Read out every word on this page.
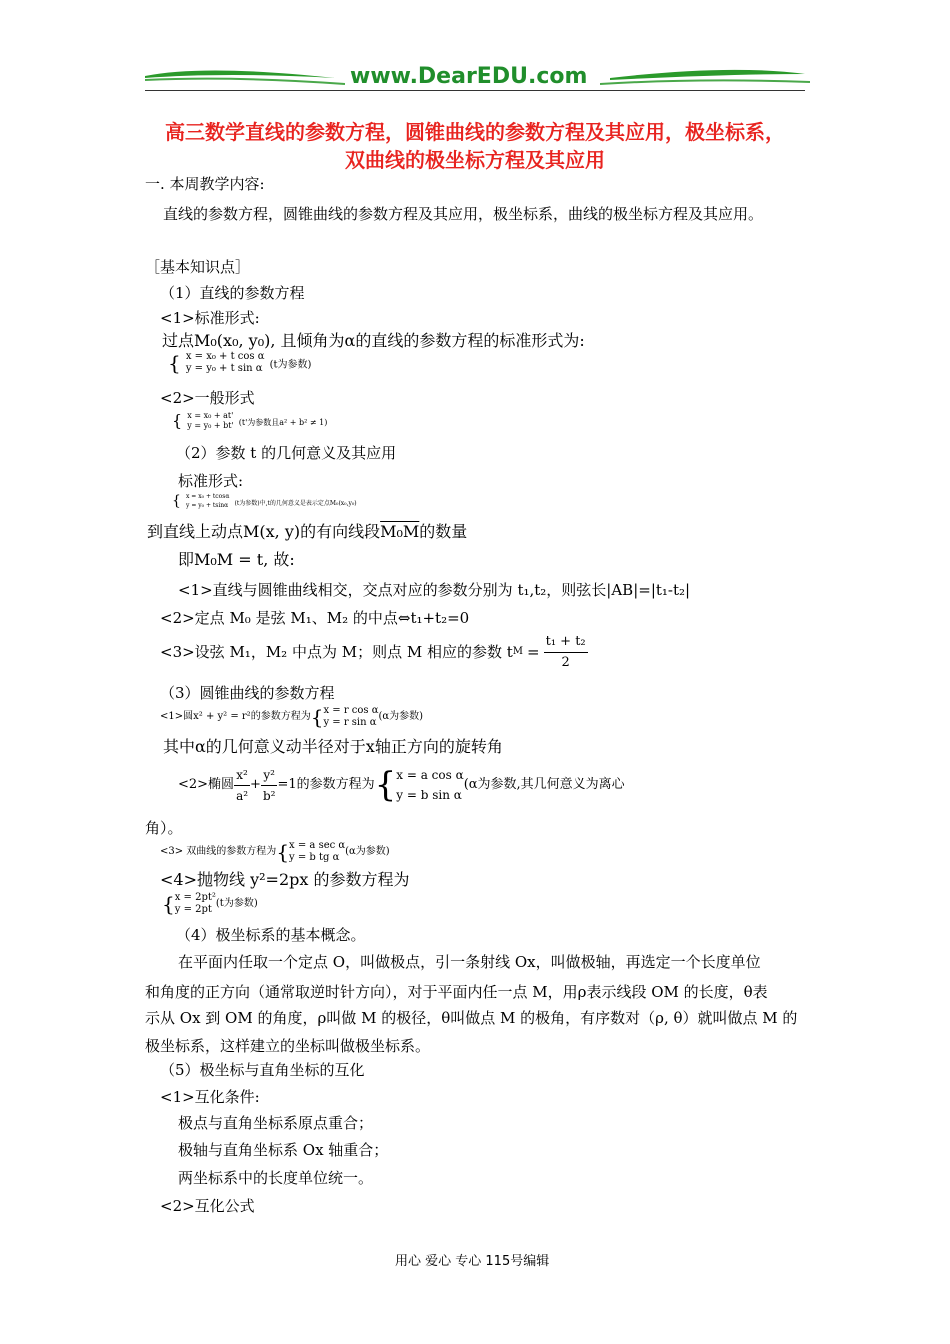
www.DearEDU.com
高三数学直线的参数方程，圆锥曲线的参数方程及其应用，极坐标系，
双曲线的极坐标方程及其应用
一. 本周教学内容:
直线的参数方程，圆锥曲线的参数方程及其应用，极坐标系，曲线的极坐标方程及其应用。
［基本知识点］
（1）直线的参数方程
<1>标准形式:
过点M₀(x₀, y₀), 且倾角为α的直线的参数方程的标准形式为:
{ x = x₀ + t cos α
y = y₀ + t sin α (t为参数)
<2>一般形式
{ x = x₀ + at'
y = y₀ + bt' (t'为参数且a² + b² ≠ 1)
（2）参数 t 的几何意义及其应用
标准形式:
{ x = x₀ + tcosα
y = y₀ + tsinα (t为参数)中,t的几何意义是表示定点M₀(x₀,y₀)
到直线上动点M(x, y)的有向线段M₀M的数量
即M₀M = t, 故:
<1>直线与圆锥曲线相交，交点对应的参数分别为 t₁,t₂，则弦长|AB|=|t₁-t₂|
<2>定点 M₀ 是弦 M₁、M₂ 的中点⇔t₁+t₂=0
<3>设弦 M₁，M₂ 中点为 M；则点 M 相应的参数 t $M = \frac{\text{t₁ + t₂}}{2}$
（3）圆锥曲线的参数方程
<1>圆x² + y² = r²的参数方程为 { x = r cos α
y = r sin α
(α为参数)
其中α的几何意义动半径对于x轴正方向的旋转角
<2>椭圆 $\frac{\text{x²}}{\text{a²}} + \frac{\text{y²}}{\text{b²}} =1$的参数方程为 { x = a cos α
y = b sin α
(α为参数,其几何意义为离心
角）。
<3> 双曲线的参数方程为 { x = a sec α
y = b tg α
(α为参数)
<4>抛物线 y²=2px 的参数方程为
{ x = 2pt²
y = 2pt
(t为参数)
（4）极坐标系的基本概念。
在平面内任取一个定点 O，叫做极点，引一条射线 Ox，叫做极轴，再选定一个长度单位
和角度的正方向（通常取逆时针方向），对于平面内任一点 M，用ρ表示线段 OM 的长度，θ表
示从 Ox 到 OM 的角度，ρ叫做 M 的极径，θ叫做点 M 的极角，有序数对（ρ, θ）就叫做点 M 的
极坐标系，这样建立的坐标叫做极坐标系。
（5）极坐标与直角坐标的互化
<1>互化条件:
极点与直角坐标系原点重合；
极轴与直角坐标系 Ox 轴重合；
两坐标系中的长度单位统一。
<2>互化公式
用心 爱心 专心 115号编辑
